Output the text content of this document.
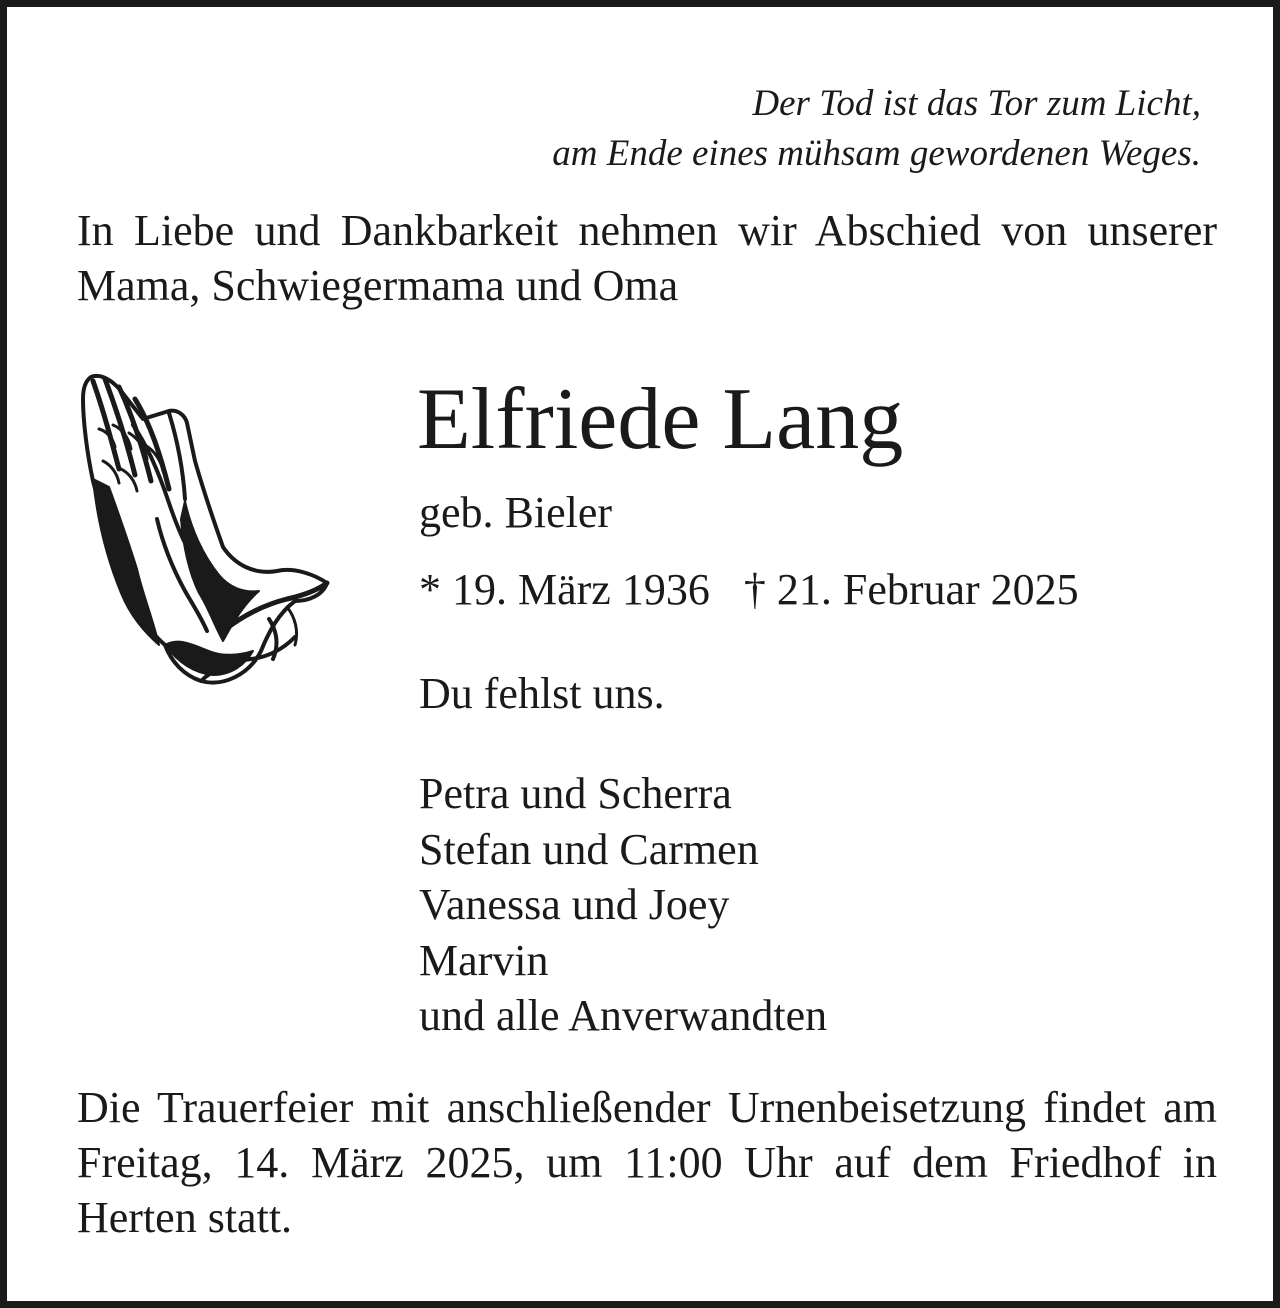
Der Tod ist das Tor zum Licht,
am Ende eines mühsam gewordenen Weges.
In Liebe und Dankbarkeit nehmen wir Abschied von unserer Mama, Schwiegermama und Oma
Elfriede Lang
geb. Bieler
* 19. März 1936 † 21. Februar 2025
Du fehlst uns.
Petra und Scherra
Stefan und Carmen
Vanessa und Joey
Marvin
und alle Anverwandten
Die Trauerfeier mit anschließender Urnenbeisetzung findet am Freitag, 14. März 2025, um 11:00 Uhr auf dem Friedhof in Herten statt.
